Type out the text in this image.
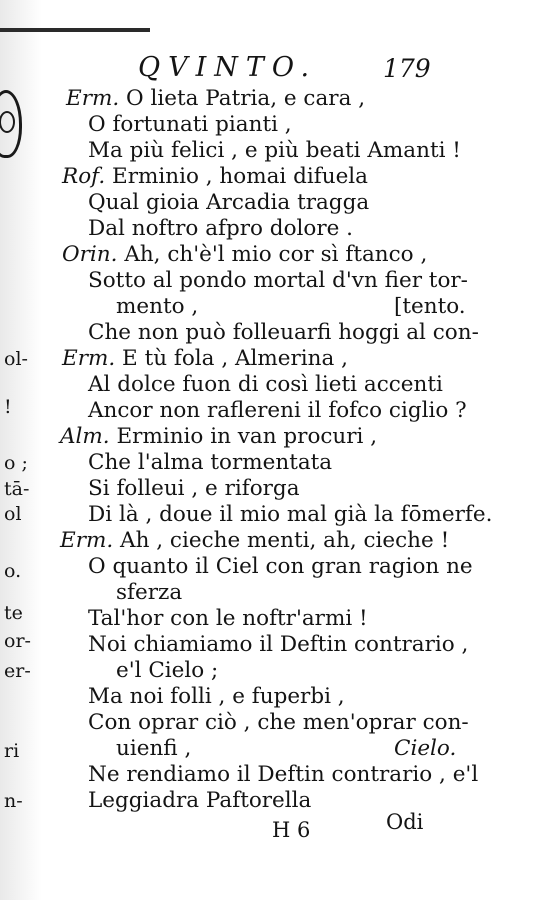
QVINTO.	179
ol-
!
o ;
tā-
ol
o.
te
or-
er-
ri
n-
Erm. O lieta Patria, e cara ,
O fortunati pianti ,
Ma più felici , e più beati Amanti !
Rof. Erminio , homai difuela
Qual gioia Arcadia tragga
Dal noftro afpro dolore .
Orin. Ah, ch'è'l mio cor sì ftanco ,
Sotto al pondo mortal d'vn fier tor-
mento ,	[tento.
Che non può folleuarfi hoggi al con-
Erm. E tù fola , Almerina ,
Al dolce fuon di così lieti accenti
Ancor non raflereni il fofco ciglio ?
Alm. Erminio in van procuri ,
Che l'alma tormentata
Si folleui , e riforga
Di là , doue il mio mal già la fōmerfe.
Erm. Ah , cieche menti, ah, cieche !
O quanto il Ciel con gran ragion ne
sferza
Tal'hor con le noftr'armi !
Noi chiamiamo il Deftin contrario ,
e'l Cielo ;
Ma noi folli , e fuperbi ,
Con oprar ciò , che men'oprar con-
uienfi ,	Cielo.
Ne rendiamo il Deftin contrario , e'l
Leggiadra Paftorella
H 6	Odi
